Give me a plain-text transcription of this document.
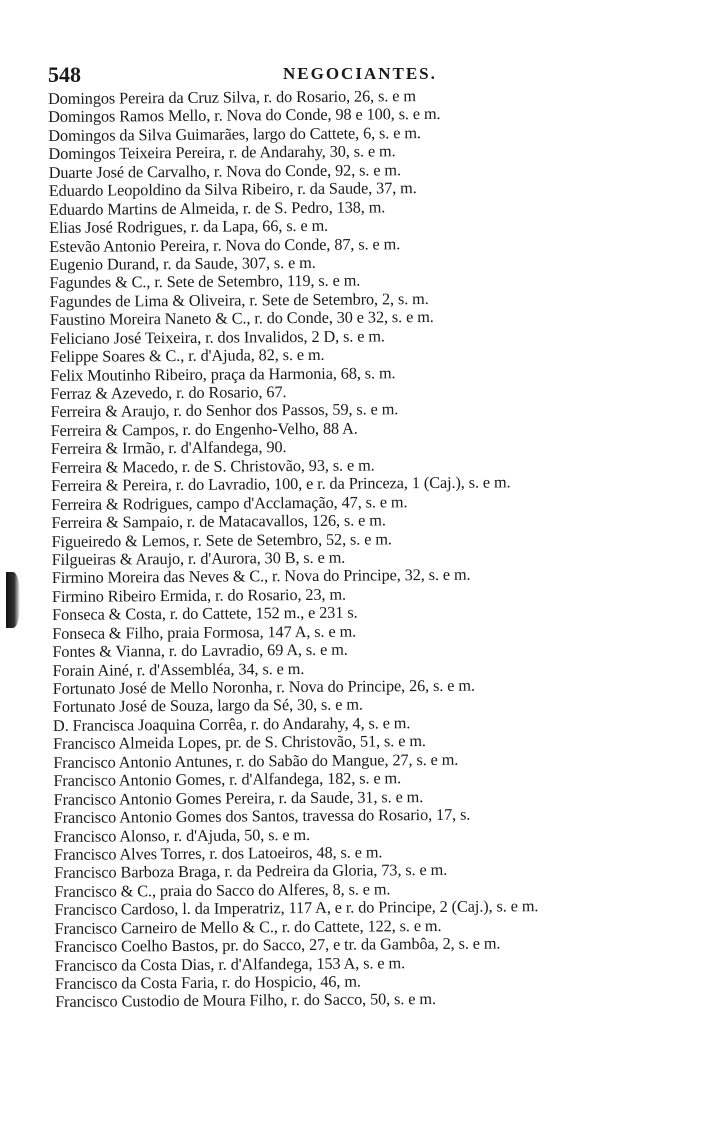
548	NEGOCIANTES.
Domingos Pereira da Cruz Silva, r. do Rosario, 26, s. e m
Domingos Ramos Mello, r. Nova do Conde, 98 e 100, s. e m.
Domingos da Silva Guimarães, largo do Cattete, 6, s. e m.
Domingos Teixeira Pereira, r. de Andarahy, 30, s. e m.
Duarte José de Carvalho, r. Nova do Conde, 92, s. e m.
Eduardo Leopoldino da Silva Ribeiro, r. da Saude, 37, m.
Eduardo Martins de Almeida, r. de S. Pedro, 138, m.
Elias José Rodrigues, r. da Lapa, 66, s. e m.
Estevão Antonio Pereira, r. Nova do Conde, 87, s. e m.
Eugenio Durand, r. da Saude, 307, s. e m.
Fagundes & C., r. Sete de Setembro, 119, s. e m.
Fagundes de Lima & Oliveira, r. Sete de Setembro, 2, s. m.
Faustino Moreira Naneto & C., r. do Conde, 30 e 32, s. e m.
Feliciano José Teixeira, r. dos Invalidos, 2 D, s. e m.
Felippe Soares & C., r. d'Ajuda, 82, s. e m.
Felix Moutinho Ribeiro, praça da Harmonia, 68, s. m.
Ferraz & Azevedo, r. do Rosario, 67.
Ferreira & Araujo, r. do Senhor dos Passos, 59, s. e m.
Ferreira & Campos, r. do Engenho-Velho, 88 A.
Ferreira & Irmão, r. d'Alfandega, 90.
Ferreira & Macedo, r. de S. Christovão, 93, s. e m.
Ferreira & Pereira, r. do Lavradio, 100, e r. da Princeza, 1 (Caj.), s. e m.
Ferreira & Rodrigues, campo d'Acclamação, 47, s. e m.
Ferreira & Sampaio, r. de Matacavallos, 126, s. e m.
Figueiredo & Lemos, r. Sete de Setembro, 52, s. e m.
Filgueiras & Araujo, r. d'Aurora, 30 B, s. e m.
Firmino Moreira das Neves & C., r. Nova do Principe, 32, s. e m.
Firmino Ribeiro Ermida, r. do Rosario, 23, m.
Fonseca & Costa, r. do Cattete, 152 m., e 231 s.
Fonseca & Filho, praia Formosa, 147 A, s. e m.
Fontes & Vianna, r. do Lavradio, 69 A, s. e m.
Forain Ainé, r. d'Assembléa, 34, s. e m.
Fortunato José de Mello Noronha, r. Nova do Principe, 26, s. e m.
Fortunato José de Souza, largo da Sé, 30, s. e m.
D. Francisca Joaquina Corrêa, r. do Andarahy, 4, s. e m.
Francisco Almeida Lopes, pr. de S. Christovão, 51, s. e m.
Francisco Antonio Antunes, r. do Sabão do Mangue, 27, s. e m.
Francisco Antonio Gomes, r. d'Alfandega, 182, s. e m.
Francisco Antonio Gomes Pereira, r. da Saude, 31, s. e m.
Francisco Antonio Gomes dos Santos, travessa do Rosario, 17, s.
Francisco Alonso, r. d'Ajuda, 50, s. e m.
Francisco Alves Torres, r. dos Latoeiros, 48, s. e m.
Francisco Barboza Braga, r. da Pedreira da Gloria, 73, s. e m.
Francisco & C., praia do Sacco do Alferes, 8, s. e m.
Francisco Cardoso, l. da Imperatriz, 117 A, e r. do Principe, 2 (Caj.), s. e m.
Francisco Carneiro de Mello & C., r. do Cattete, 122, s. e m.
Francisco Coelho Bastos, pr. do Sacco, 27, e tr. da Gambôa, 2, s. e m.
Francisco da Costa Dias, r. d'Alfandega, 153 A, s. e m.
Francisco da Costa Faria, r. do Hospicio, 46, m.
Francisco Custodio de Moura Filho, r. do Sacco, 50, s. e m.
